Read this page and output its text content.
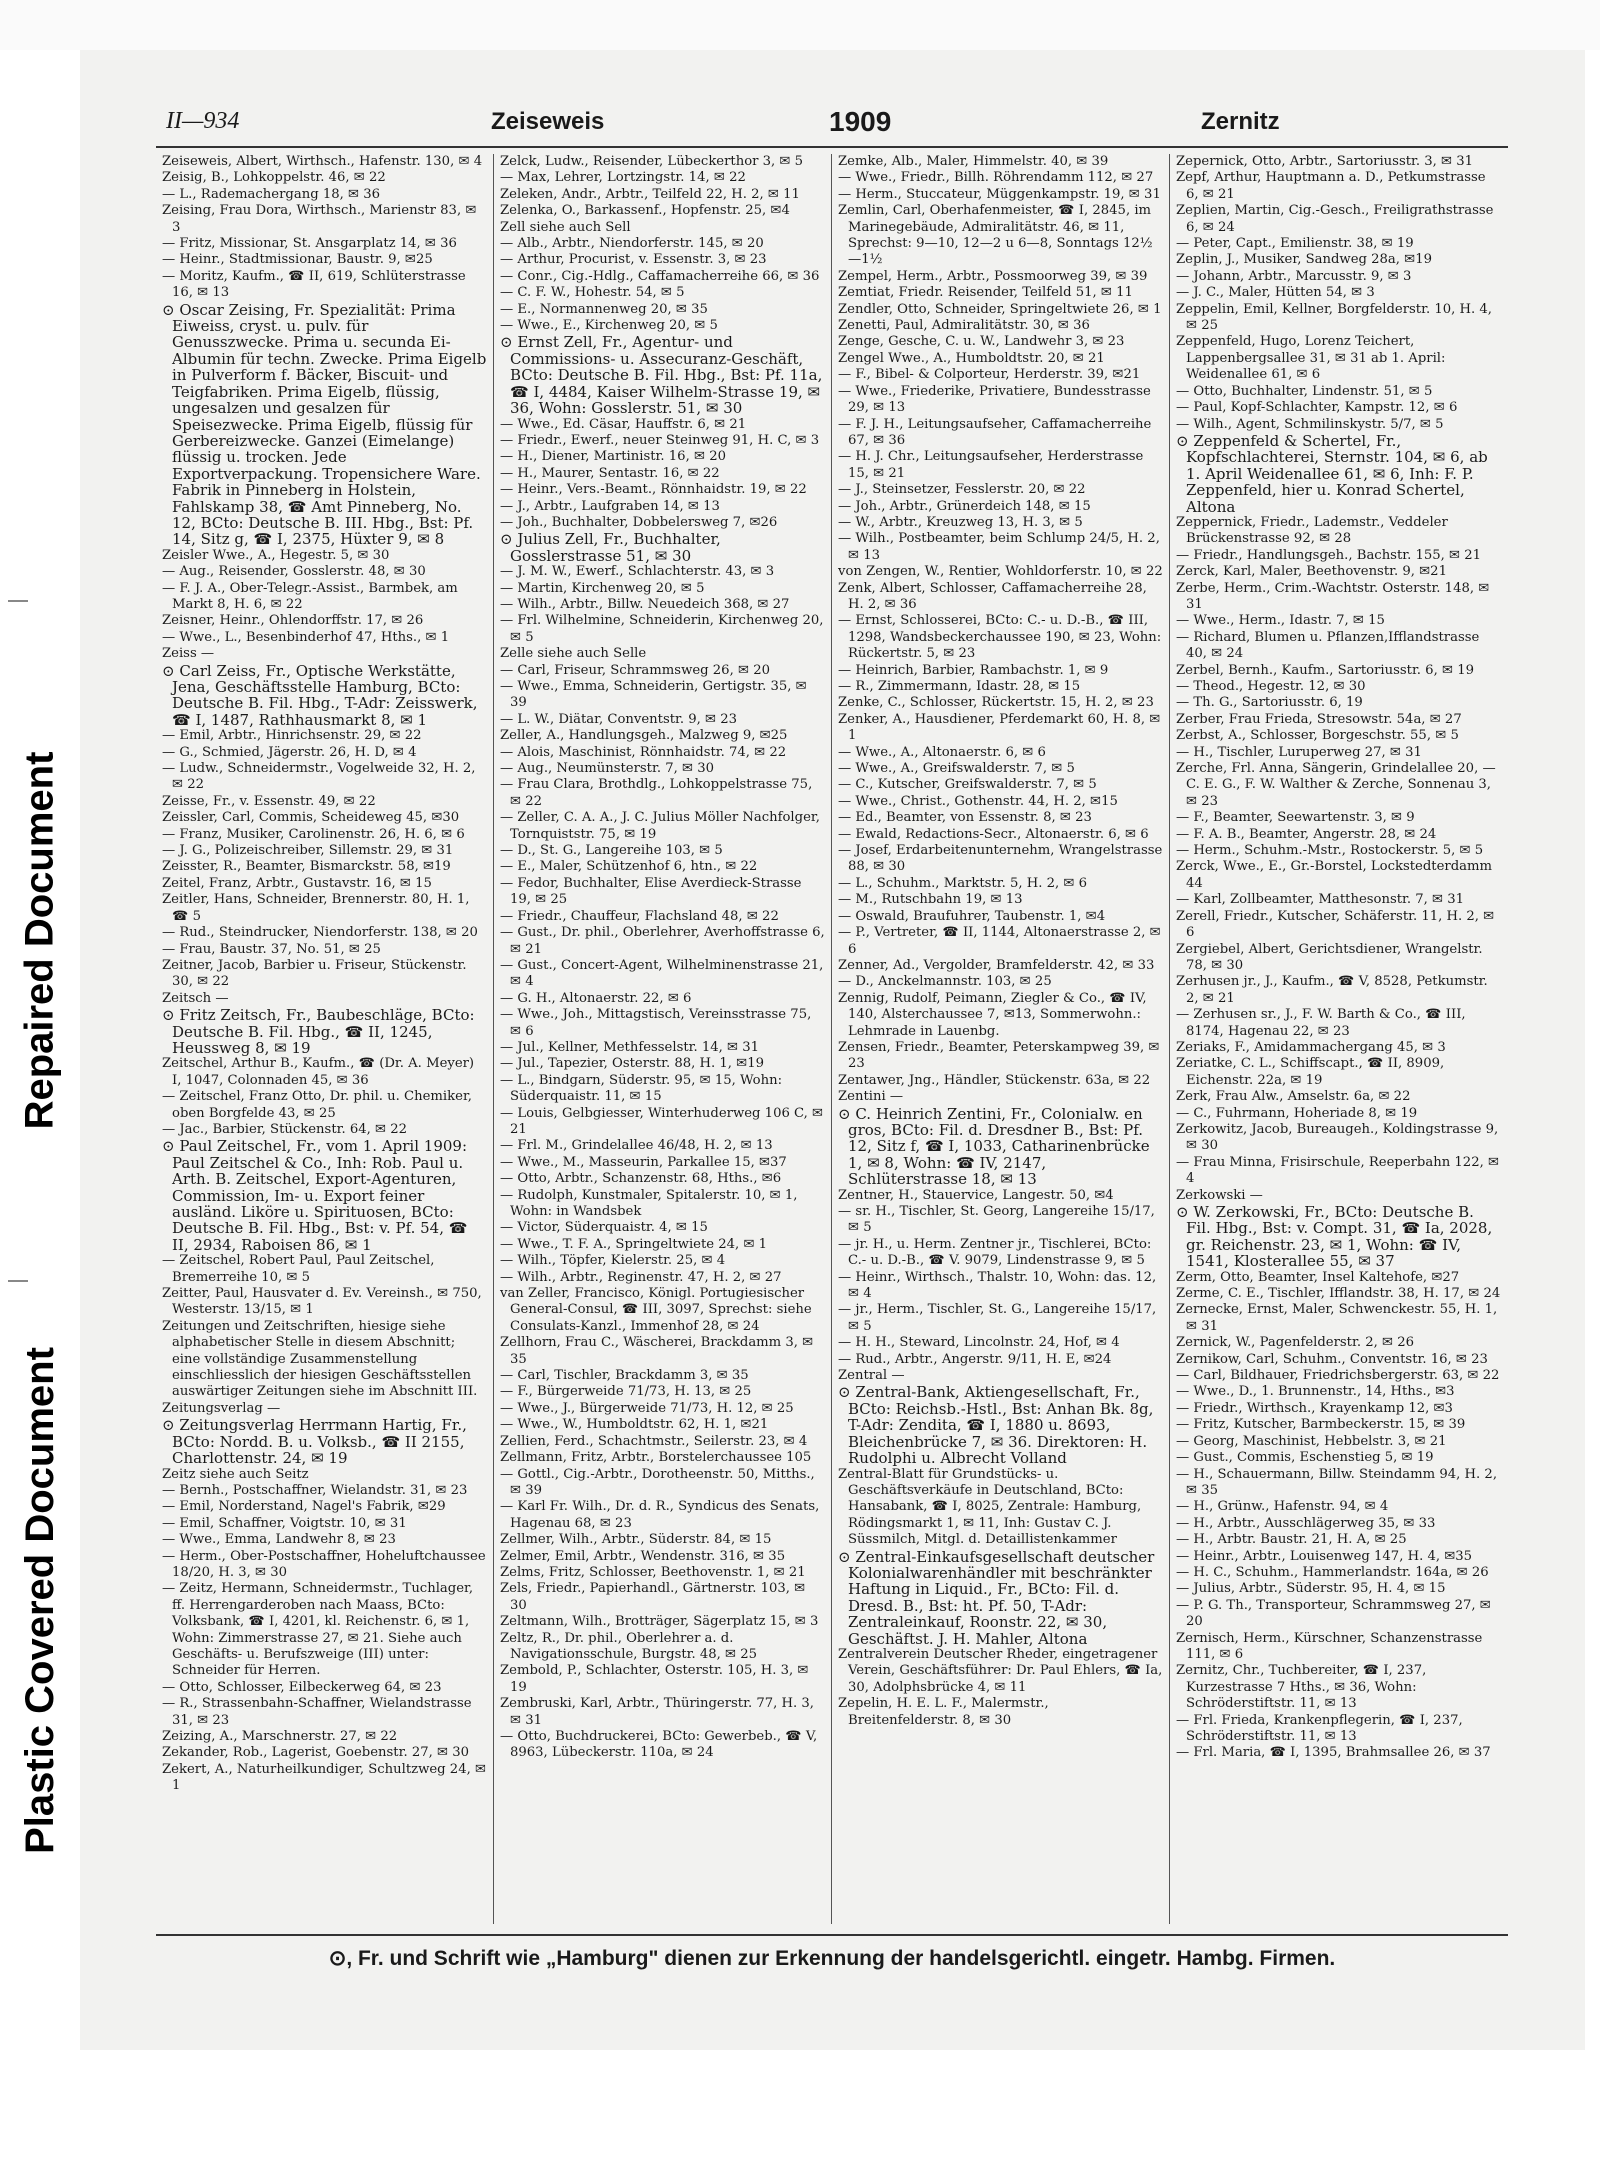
Repaired Document
Plastic Covered Document
II—934	Zeiseweis	1909	Zernitz

Zeiseweis, Albert, Wirthsch., Hafenstr. 130, ✉ 4

Zeisig, B., Lohkoppelstr. 46, ✉ 22

— L., Rademachergang 18, ✉ 36

Zeising, Frau Dora, Wirthsch., Marienstr 83, ✉ 3

— Fritz, Missionar, St. Ansgarplatz 14, ✉ 36

— Heinr., Stadtmissionar, Baustr. 9, ✉25

— Moritz, Kaufm., ☎ II, 619, Schlüterstrasse 16, ✉ 13

⊙ Oscar Zeising, Fr. Spezialität: Prima Eiweiss, cryst. u. pulv. für Genusszwecke. Prima u. secunda Ei-Albumin für techn. Zwecke. Prima Eigelb in Pulverform f. Bäcker, Biscuit- und Teigfabriken. Prima Eigelb, flüssig, ungesalzen und gesalzen für Speisezwecke. Prima Eigelb, flüssig für Gerbereizwecke. Ganzei (Eimelange) flüssig u. trocken. Jede Exportverpackung. Tropensichere Ware. Fabrik in Pinneberg in Holstein, Fahlskamp 38, ☎ Amt Pinneberg, No. 12, BCto: Deutsche B. III. Hbg., Bst: Pf. 14, Sitz g, ☎ I, 2375, Hüxter 9, ✉ 8

Zeisler Wwe., A., Hegestr. 5, ✉ 30

— Aug., Reisender, Gosslerstr. 48, ✉ 30

— F. J. A., Ober-Telegr.-Assist., Barmbek, am Markt 8, H. 6, ✉ 22

Zeisner, Heinr., Ohlendorffstr. 17, ✉ 26

— Wwe., L., Besenbinderhof 47, Hths., ✉ 1

Zeiss —

⊙ Carl Zeiss, Fr., Optische Werkstätte, Jena, Geschäftsstelle Hamburg, BCto: Deutsche B. Fil. Hbg., T-Adr: Zeisswerk, ☎ I, 1487, Rathhausmarkt 8, ✉ 1

— Emil, Arbtr., Hinrichsenstr. 29, ✉ 22

— G., Schmied, Jägerstr. 26, H. D, ✉ 4

— Ludw., Schneidermstr., Vogelweide 32, H. 2, ✉ 22

Zeisse, Fr., v. Essenstr. 49, ✉ 22

Zeissler, Carl, Commis, Scheideweg 45, ✉30

— Franz, Musiker, Carolinenstr. 26, H. 6, ✉ 6

— J. G., Polizeischreiber, Sillemstr. 29, ✉ 31

Zeisster, R., Beamter, Bismarckstr. 58, ✉19

Zeitel, Franz, Arbtr., Gustavstr. 16, ✉ 15

Zeitler, Hans, Schneider, Brennerstr. 80, H. 1, ☎ 5

— Rud., Steindrucker, Niendorferstr. 138, ✉ 20

— Frau, Baustr. 37, No. 51, ✉ 25

Zeitner, Jacob, Barbier u. Friseur, Stückenstr. 30, ✉ 22

Zeitsch —

⊙ Fritz Zeitsch, Fr., Baubeschläge, BCto: Deutsche B. Fil. Hbg., ☎ II, 1245, Heussweg 8, ✉ 19

Zeitschel, Arthur B., Kaufm., ☎ (Dr. A. Meyer) I, 1047, Colonnaden 45, ✉ 36

— Zeitschel, Franz Otto, Dr. phil. u. Chemiker, oben Borgfelde 43, ✉ 25

— Jac., Barbier, Stückenstr. 64, ✉ 22

⊙ Paul Zeitschel, Fr., vom 1. April 1909: Paul Zeitschel & Co., Inh: Rob. Paul u. Arth. B. Zeitschel, Export-Agenturen, Commission, Im- u. Export feiner ausländ. Liköre u. Spirituosen, BCto: Deutsche B. Fil. Hbg., Bst: v. Pf. 54, ☎ II, 2934, Raboisen 86, ✉ 1

— Zeitschel, Robert Paul, Paul Zeitschel, Bremerreihe 10, ✉ 5

Zeitter, Paul, Hausvater d. Ev. Vereinsh., ✉ 750, Westerstr. 13/15, ✉ 1

Zeitungen und Zeitschriften, hiesige siehe alphabetischer Stelle in diesem Abschnitt; eine vollständige Zusammenstellung einschliesslich der hiesigen Geschäftsstellen auswärtiger Zeitungen siehe im Abschnitt III.

Zeitungsverlag —

⊙ Zeitungsverlag Herrmann Hartig, Fr., BCto: Nordd. B. u. Volksb., ☎ II 2155, Charlottenstr. 24, ✉ 19

Zeitz siehe auch Seitz

— Bernh., Postschaffner, Wielandstr. 31, ✉ 23

— Emil, Norderstand, Nagel's Fabrik, ✉29

— Emil, Schaffner, Voigtstr. 10, ✉ 31

— Wwe., Emma, Landwehr 8, ✉ 23

— Herm., Ober-Postschaffner, Hoheluftchaussee 18/20, H. 3, ✉ 30

— Zeitz, Hermann, Schneidermstr., Tuchlager, ff. Herrengarderoben nach Maass, BCto: Volksbank, ☎ I, 4201, kl. Reichenstr. 6, ✉ 1, Wohn: Zimmerstrasse 27, ✉ 21. Siehe auch Geschäfts- u. Berufszweige (III) unter: Schneider für Herren.

— Otto, Schlosser, Eilbeckerweg 64, ✉ 23

— R., Strassenbahn-Schaffner, Wielandstrasse 31, ✉ 23

Zeizing, A., Marschnerstr. 27, ✉ 22

Zekander, Rob., Lagerist, Goebenstr. 27, ✉ 30

Zekert, A., Naturheilkundiger, Schultzweg 24, ✉ 1

Zelck, Ludw., Reisender, Lübeckerthor 3, ✉ 5

— Max, Lehrer, Lortzingstr. 14, ✉ 22

Zeleken, Andr., Arbtr., Teilfeld 22, H. 2, ✉ 11

Zelenka, O., Barkassenf., Hopfenstr. 25, ✉4

Zell siehe auch Sell

— Alb., Arbtr., Niendorferstr. 145, ✉ 20

— Arthur, Procurist, v. Essenstr. 3, ✉ 23

— Conr., Cig.-Hdlg., Caffamacherreihe 66, ✉ 36

— C. F. W., Hohestr. 54, ✉ 5

— E., Normannenweg 20, ✉ 35

— Wwe., E., Kirchenweg 20, ✉ 5

⊙ Ernst Zell, Fr., Agentur- und Commissions- u. Assecuranz-Geschäft, BCto: Deutsche B. Fil. Hbg., Bst: Pf. 11a, ☎ I, 4484, Kaiser Wilhelm-Strasse 19, ✉ 36, Wohn: Gosslerstr. 51, ✉ 30

— Wwe., Ed. Cäsar, Hauffstr. 6, ✉ 21

— Friedr., Ewerf., neuer Steinweg 91, H. C, ✉ 3

— H., Diener, Martinistr. 16, ✉ 20

— H., Maurer, Sentastr. 16, ✉ 22

— Heinr., Vers.-Beamt., Rönnhaidstr. 19, ✉ 22

— J., Arbtr., Laufgraben 14, ✉ 13

— Joh., Buchhalter, Dobbelersweg 7, ✉26

⊙ Julius Zell, Fr., Buchhalter, Gosslerstrasse 51, ✉ 30

— J. M. W., Ewerf., Schlachterstr. 43, ✉ 3

— Martin, Kirchenweg 20, ✉ 5

— Wilh., Arbtr., Billw. Neuedeich 368, ✉ 27

— Frl. Wilhelmine, Schneiderin, Kirchenweg 20, ✉ 5

Zelle siehe auch Selle

— Carl, Friseur, Schrammsweg 26, ✉ 20

— Wwe., Emma, Schneiderin, Gertigstr. 35, ✉ 39

— L. W., Diätar, Conventstr. 9, ✉ 23

Zeller, A., Handlungsgeh., Malzweg 9, ✉25

— Alois, Maschinist, Rönnhaidstr. 74, ✉ 22

— Aug., Neumünsterstr. 7, ✉ 30

— Frau Clara, Brothdlg., Lohkoppelstrasse 75, ✉ 22

— Zeller, C. A. A., J. C. Julius Möller Nachfolger, Tornquiststr. 75, ✉ 19

— D., St. G., Langereihe 103, ✉ 5

— E., Maler, Schützenhof 6, htn., ✉ 22

— Fedor, Buchhalter, Elise Averdieck-Strasse 19, ✉ 25

— Friedr., Chauffeur, Flachsland 48, ✉ 22

— Gust., Dr. phil., Oberlehrer, Averhoffstrasse 6, ✉ 21

— Gust., Concert-Agent, Wilhelminenstrasse 21, ✉ 4

— G. H., Altonaerstr. 22, ✉ 6

— Wwe., Joh., Mittagstisch, Vereinsstrasse 75, ✉ 6

— Jul., Kellner, Methfesselstr. 14, ✉ 31

— Jul., Tapezier, Osterstr. 88, H. 1, ✉19

— L., Bindgarn, Süderstr. 95, ✉ 15, Wohn: Süderquaistr. 11, ✉ 15

— Louis, Gelbgiesser, Winterhuderweg 106 C, ✉ 21

— Frl. M., Grindelallee 46/48, H. 2, ✉ 13

— Wwe., M., Masseurin, Parkallee 15, ✉37

— Otto, Arbtr., Schanzenstr. 68, Hths., ✉6

— Rudolph, Kunstmaler, Spitalerstr. 10, ✉ 1, Wohn: in Wandsbek

— Victor, Süderquaistr. 4, ✉ 15

— Wwe., T. F. A., Springeltwiete 24, ✉ 1

— Wilh., Töpfer, Kielerstr. 25, ✉ 4

— Wilh., Arbtr., Reginenstr. 47, H. 2, ✉ 27

van Zeller, Francisco, Königl. Portugiesischer General-Consul, ☎ III, 3097, Sprechst: siehe Consulats-Kanzl., Immenhof 28, ✉ 24

Zellhorn, Frau C., Wäscherei, Brackdamm 3, ✉ 35

— Carl, Tischler, Brackdamm 3, ✉ 35

— F., Bürgerweide 71/73, H. 13, ✉ 25

— Wwe., J., Bürgerweide 71/73, H. 12, ✉ 25

— Wwe., W., Humboldtstr. 62, H. 1, ✉21

Zellien, Ferd., Schachtmstr., Seilerstr. 23, ✉ 4

Zellmann, Fritz, Arbtr., Borstelerchaussee 105

— Gottl., Cig.-Arbtr., Dorotheenstr. 50, Mitths., ✉ 39

— Karl Fr. Wilh., Dr. d. R., Syndicus des Senats, Hagenau 68, ✉ 23

Zellmer, Wilh., Arbtr., Süderstr. 84, ✉ 15

Zelmer, Emil, Arbtr., Wendenstr. 316, ✉ 35

Zelms, Fritz, Schlosser, Beethovenstr. 1, ✉ 21

Zels, Friedr., Papierhandl., Gärtnerstr. 103, ✉ 30

Zeltmann, Wilh., Brotträger, Sägerplatz 15, ✉ 3

Zeltz, R., Dr. phil., Oberlehrer a. d. Navigationsschule, Burgstr. 48, ✉ 25

Zembold, P., Schlachter, Osterstr. 105, H. 3, ✉ 19

Zembruski, Karl, Arbtr., Thüringerstr. 77, H. 3, ✉ 31

— Otto, Buchdruckerei, BCto: Gewerbeb., ☎ V, 8963, Lübeckerstr. 110a, ✉ 24

Zemke, Alb., Maler, Himmelstr. 40, ✉ 39

— Wwe., Friedr., Billh. Röhrendamm 112, ✉ 27

— Herm., Stuccateur, Müggenkampstr. 19, ✉ 31

Zemlin, Carl, Oberhafenmeister, ☎ I, 2845, im Marinegebäude, Admiralitätstr. 46, ✉ 11, Sprechst: 9—10, 12—2 u 6—8, Sonntags 12½—1½

Zempel, Herm., Arbtr., Possmoorweg 39, ✉ 39

Zemtiat, Friedr. Reisender, Teilfeld 51, ✉ 11

Zendler, Otto, Schneider, Springeltwiete 26, ✉ 1

Zenetti, Paul, Admiralitätstr. 30, ✉ 36

Zenge, Gesche, C. u. W., Landwehr 3, ✉ 23

Zengel Wwe., A., Humboldtstr. 20, ✉ 21

— F., Bibel- & Colporteur, Herderstr. 39, ✉21

— Wwe., Friederike, Privatiere, Bundesstrasse 29, ✉ 13

— F. J. H., Leitungsaufseher, Caffamacherreihe 67, ✉ 36

— H. J. Chr., Leitungsaufseher, Herderstrasse 15, ✉ 21

— J., Steinsetzer, Fesslerstr. 20, ✉ 22

— Joh., Arbtr., Grünerdeich 148, ✉ 15

— W., Arbtr., Kreuzweg 13, H. 3, ✉ 5

— Wilh., Postbeamter, beim Schlump 24/5, H. 2, ✉ 13

von Zengen, W., Rentier, Wohldorferstr. 10, ✉ 22

Zenk, Albert, Schlosser, Caffamacherreihe 28, H. 2, ✉ 36

— Ernst, Schlosserei, BCto: C.- u. D.-B., ☎ III, 1298, Wandsbeckerchaussee 190, ✉ 23, Wohn: Rückertstr. 5, ✉ 23

— Heinrich, Barbier, Rambachstr. 1, ✉ 9

— R., Zimmermann, Idastr. 28, ✉ 15

Zenke, C., Schlosser, Rückertstr. 15, H. 2, ✉ 23

Zenker, A., Hausdiener, Pferdemarkt 60, H. 8, ✉ 1

— Wwe., A., Altonaerstr. 6, ✉ 6

— Wwe., A., Greifswalderstr. 7, ✉ 5

— C., Kutscher, Greifswalderstr. 7, ✉ 5

— Wwe., Christ., Gothenstr. 44, H. 2, ✉15

— Ed., Beamter, von Essenstr. 8, ✉ 23

— Ewald, Redactions-Secr., Altonaerstr. 6, ✉ 6

— Josef, Erdarbeitenunternehm, Wrangelstrasse 88, ✉ 30

— L., Schuhm., Marktstr. 5, H. 2, ✉ 6

— M., Rutschbahn 19, ✉ 13

— Oswald, Braufuhrer, Taubenstr. 1, ✉4

— P., Vertreter, ☎ II, 1144, Altonaerstrasse 2, ✉ 6

Zenner, Ad., Vergolder, Bramfelderstr. 42, ✉ 33

— D., Anckelmannstr. 103, ✉ 25

Zennig, Rudolf, Peimann, Ziegler & Co., ☎ IV, 140, Alsterchaussee 7, ✉13, Sommerwohn.: Lehmrade in Lauenbg.

Zensen, Friedr., Beamter, Peterskampweg 39, ✉ 23

Zentawer, Jng., Händler, Stückenstr. 63a, ✉ 22

Zentini —

⊙ C. Heinrich Zentini, Fr., Colonialw. en gros, BCto: Fil. d. Dresdner B., Bst: Pf. 12, Sitz f, ☎ I, 1033, Catharinenbrücke 1, ✉ 8, Wohn: ☎ IV, 2147, Schlüterstrasse 18, ✉ 13

Zentner, H., Stauervice, Langestr. 50, ✉4

— sr. H., Tischler, St. Georg, Langereihe 15/17, ✉ 5

— jr. H., u. Herm. Zentner jr., Tischlerei, BCto: C.- u. D.-B., ☎ V. 9079, Lindenstrasse 9, ✉ 5

— Heinr., Wirthsch., Thalstr. 10, Wohn: das. 12, ✉ 4

— jr., Herm., Tischler, St. G., Langereihe 15/17, ✉ 5

— H. H., Steward, Lincolnstr. 24, Hof, ✉ 4

— Rud., Arbtr., Angerstr. 9/11, H. E, ✉24

Zentral —

⊙ Zentral-Bank, Aktiengesellschaft, Fr., BCto: Reichsb.-Hstl., Bst: Anhan Bk. 8g, T-Adr: Zendita, ☎ I, 1880 u. 8693, Bleichenbrücke 7, ✉ 36. Direktoren: H. Rudolphi u. Albrecht Volland

Zentral-Blatt für Grundstücks- u. Geschäftsverkäufe in Deutschland, BCto: Hansabank, ☎ I, 8025, Zentrale: Hamburg, Rödingsmarkt 1, ✉ 11, Inh: Gustav C. J. Süssmilch, Mitgl. d. Detaillistenkammer

⊙ Zentral-Einkaufsgesellschaft deutscher Kolonialwarenhändler mit beschränkter Haftung in Liquid., Fr., BCto: Fil. d. Dresd. B., Bst: ht. Pf. 50, T-Adr: Zentraleinkauf, Roonstr. 22, ✉ 30, Geschäftst. J. H. Mahler, Altona

Zentralverein Deutscher Rheder, eingetragener Verein, Geschäftsführer: Dr. Paul Ehlers, ☎ Ia, 30, Adolphsbrücke 4, ✉ 11

Zepelin, H. E. L. F., Malermstr., Breitenfelderstr. 8, ✉ 30

Zepernick, Otto, Arbtr., Sartoriusstr. 3, ✉ 31

Zepf, Arthur, Hauptmann a. D., Petkumstrasse 6, ✉ 21

Zeplien, Martin, Cig.-Gesch., Freiligrathstrasse 6, ✉ 24

— Peter, Capt., Emilienstr. 38, ✉ 19

Zeplin, J., Musiker, Sandweg 28a, ✉19

— Johann, Arbtr., Marcusstr. 9, ✉ 3

— J. C., Maler, Hütten 54, ✉ 3

Zeppelin, Emil, Kellner, Borgfelderstr. 10, H. 4, ✉ 25

Zeppenfeld, Hugo, Lorenz Teichert, Lappenbergsallee 31, ✉ 31 ab 1. April: Weidenallee 61, ✉ 6

— Otto, Buchhalter, Lindenstr. 51, ✉ 5

— Paul, Kopf-Schlachter, Kampstr. 12, ✉ 6

— Wilh., Agent, Schmilinskystr. 5/7, ✉ 5

⊙ Zeppenfeld & Schertel, Fr., Kopfschlachterei, Sternstr. 104, ✉ 6, ab 1. April Weidenallee 61, ✉ 6, Inh: F. P. Zeppenfeld, hier u. Konrad Schertel, Altona

Zeppernick, Friedr., Lademstr., Veddeler Brückenstrasse 92, ✉ 28

— Friedr., Handlungsgeh., Bachstr. 155, ✉ 21

Zerck, Karl, Maler, Beethovenstr. 9, ✉21

Zerbe, Herm., Crim.-Wachtstr. Osterstr. 148, ✉ 31

— Wwe., Herm., Idastr. 7, ✉ 15

— Richard, Blumen u. Pflanzen,Ifflandstrasse 40, ✉ 24

Zerbel, Bernh., Kaufm., Sartoriusstr. 6, ✉ 19

— Theod., Hegestr. 12, ✉ 30

— Th. G., Sartoriusstr. 6, 19

Zerber, Frau Frieda, Stresowstr. 54a, ✉ 27

Zerbst, A., Schlosser, Borgeschstr. 55, ✉ 5

— H., Tischler, Luruperweg 27, ✉ 31

Zerche, Frl. Anna, Sängerin, Grindelallee 20, — C. E. G., F. W. Walther & Zerche, Sonnenau 3, ✉ 23

— F., Beamter, Seewartenstr. 3, ✉ 9

— F. A. B., Beamter, Angerstr. 28, ✉ 24

— Herm., Schuhm.-Mstr., Rostockerstr. 5, ✉ 5

Zerck, Wwe., E., Gr.-Borstel, Lockstedterdamm 44

— Karl, Zollbeamter, Matthesonstr. 7, ✉ 31

Zerell, Friedr., Kutscher, Schäferstr. 11, H. 2, ✉ 6

Zergiebel, Albert, Gerichtsdiener, Wrangelstr. 78, ✉ 30

Zerhusen jr., J., Kaufm., ☎ V, 8528, Petkumstr. 2, ✉ 21

— Zerhusen sr., J., F. W. Barth & Co., ☎ III, 8174, Hagenau 22, ✉ 23

Zeriaks, F., Amidammachergang 45, ✉ 3

Zeriatke, C. L., Schiffscapt., ☎ II, 8909, Eichenstr. 22a, ✉ 19

Zerk, Frau Alw., Amselstr. 6a, ✉ 22

— C., Fuhrmann, Hoheriade 8, ✉ 19

Zerkowitz, Jacob, Bureaugeh., Koldingstrasse 9, ✉ 30

— Frau Minna, Frisirschule, Reeperbahn 122, ✉ 4

Zerkowski —

⊙ W. Zerkowski, Fr., BCto: Deutsche B. Fil. Hbg., Bst: v. Compt. 31, ☎ Ia, 2028, gr. Reichenstr. 23, ✉ 1, Wohn: ☎ IV, 1541, Klosterallee 55, ✉ 37

Zerm, Otto, Beamter, Insel Kaltehofe, ✉27

Zerme, C. E., Tischler, Ifflandstr. 38, H. 17, ✉ 24

Zernecke, Ernst, Maler, Schwenckestr. 55, H. 1, ✉ 31

Zernick, W., Pagenfelderstr. 2, ✉ 26

Zernikow, Carl, Schuhm., Conventstr. 16, ✉ 23

— Carl, Bildhauer, Friedrichsbergerstr. 63, ✉ 22

— Wwe., D., 1. Brunnenstr., 14, Hths., ✉3

— Friedr., Wirthsch., Krayenkamp 12, ✉3

— Fritz, Kutscher, Barmbeckerstr. 15, ✉ 39

— Georg, Maschinist, Hebbelstr. 3, ✉ 21

— Gust., Commis, Eschenstieg 5, ✉ 19

— H., Schauermann, Billw. Steindamm 94, H. 2, ✉ 35

— H., Grünw., Hafenstr. 94, ✉ 4

— H., Arbtr., Ausschlägerweg 35, ✉ 33

— H., Arbtr. Baustr. 21, H. A, ✉ 25

— Heinr., Arbtr., Louisenweg 147, H. 4, ✉35

— H. C., Schuhm., Hammerlandstr. 164a, ✉ 26

— Julius, Arbtr., Süderstr. 95, H. 4, ✉ 15

— P. G. Th., Transporteur, Schrammsweg 27, ✉ 20

Zernisch, Herm., Kürschner, Schanzenstrasse 111, ✉ 6

Zernitz, Chr., Tuchbereiter, ☎ I, 237, Kurzestrasse 7 Hths., ✉ 36, Wohn: Schröderstiftstr. 11, ✉ 13

— Frl. Frieda, Krankenpflegerin, ☎ I, 237, Schröderstiftstr. 11, ✉ 13

— Frl. Maria, ☎ I, 1395, Brahmsallee 26, ✉ 37

⊙, Fr. und Schrift wie „Hamburg" dienen zur Erkennung der handelsgerichtl. eingetr. Hambg. Firmen.
